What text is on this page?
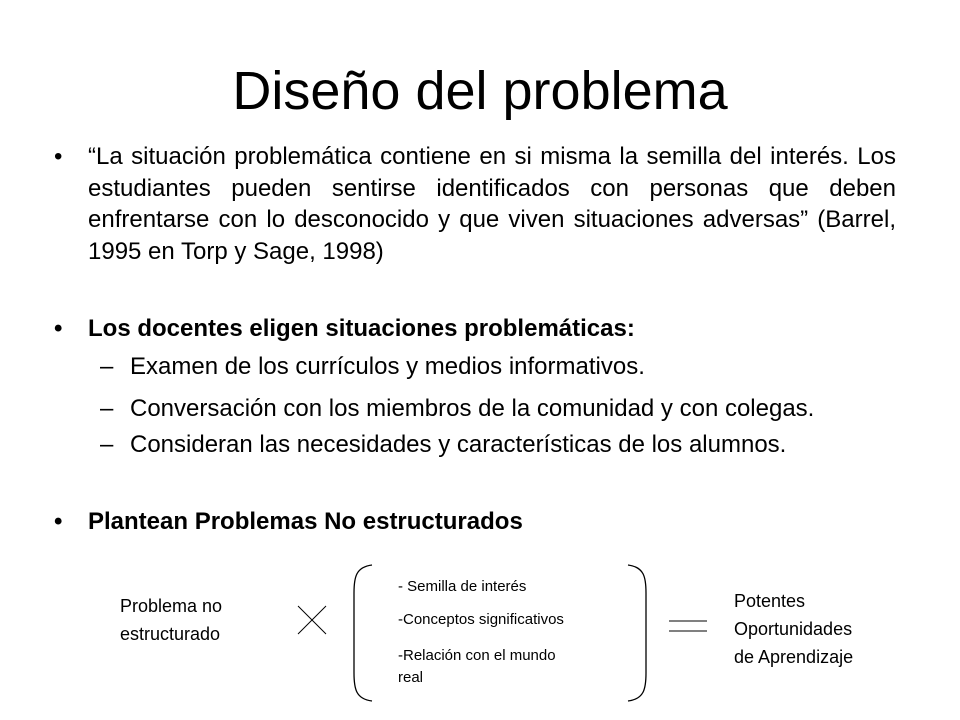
Diseño del problema
• “La situación problemática contiene en si misma la semilla del interés. Los estudiantes pueden sentirse identificados con personas que deben enfrentarse con lo desconocido y que viven situaciones adversas” (Barrel, 1995 en Torp y Sage, 1998)
• Los docentes eligen situaciones problemáticas:
– Examen de los currículos y medios informativos.
– Conversación con los miembros de la comunidad y con colegas.
– Consideran las necesidades y características de los alumnos.
• Plantean Problemas No estructurados
Problema no
estructurado
- Semilla de interés
-Conceptos significativos
-Relación con el mundo
real
Potentes
Oportunidades
de Aprendizaje
